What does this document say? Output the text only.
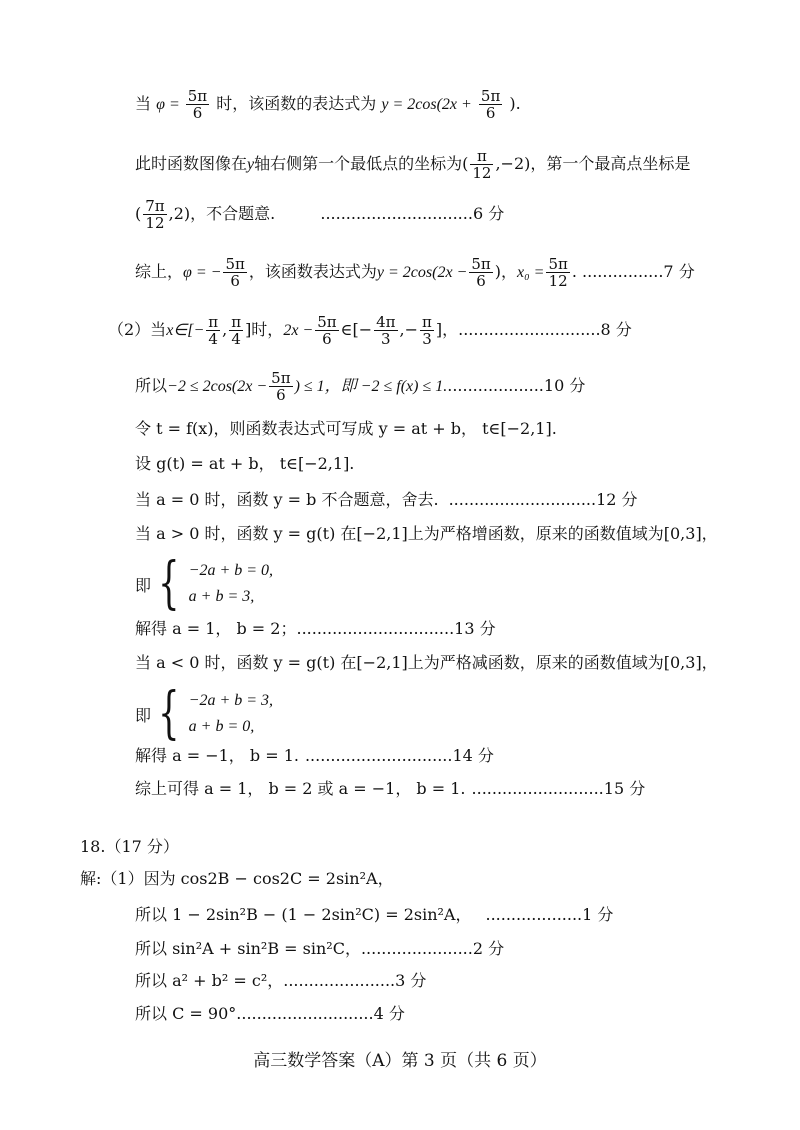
当 $\varphi = \frac{5\pi}{6}$ 时，该函数的表达式为 $y = 2\cos(2x + \frac{5\pi}{6}$ ).
此时函数图像在y轴右侧第一个最低点的坐标为( $\frac{\pi}{12} ,-2$)，第一个最高点坐标是
( $\frac{7\pi}{12} ,2$)，不合题意.	..............................6 分
综上，φ = − $\frac{5\pi}{6}$ ，该函数表达式为$y = 2\cos(2x - \frac{5\pi}{6}$ )，$x_0 = \frac{5\pi}{12}$ . ................7 分
（2）当x∈[− $\frac{\pi}{4}$ , $\frac{\pi}{4}$ ]时，$2x - \frac{5\pi}{6}$ ∈[− $\frac{4\pi}{3}$ ,− $\frac{\pi}{3}$ ]，............................8 分
所以$-2 \le 2\cos(2x - \frac{5\pi}{6}$ ) ≤ 1，即 −2 ≤ f(x) ≤ 1....................10 分
令 t = f(x)，则函数表达式可写成 y = at + b， t∈[−2,1].
设 g(t) = at + b， t∈[−2,1].
当 a = 0 时，函数 y = b 不合题意，舍去. .............................12 分
当 a > 0 时，函数 y = g(t) 在[−2,1]上为严格增函数，原来的函数值域为[0,3]，
即 { −2a + b = 0,
a + b = 3,
解得 a = 1， b = 2；...............................13 分
当 a < 0 时，函数 y = g(t) 在[−2,1]上为严格减函数，原来的函数值域为[0,3]，
即 { −2a + b = 3,
a + b = 0,
解得 a = −1， b = 1. .............................14 分
综上可得 a = 1， b = 2 或 a = −1， b = 1. ..........................15 分
18.（17 分）
解:（1）因为 cos2B − cos2C = 2sin²A，
所以 1 − 2sin²B − (1 − 2sin²C) = 2sin²A， ...................1 分
所以 sin²A + sin²B = sin²C，......................2 分
所以 a² + b² = c²，......................3 分
所以 C = 90°...........................4 分
高三数学答案（A）第 3 页（共 6 页）
